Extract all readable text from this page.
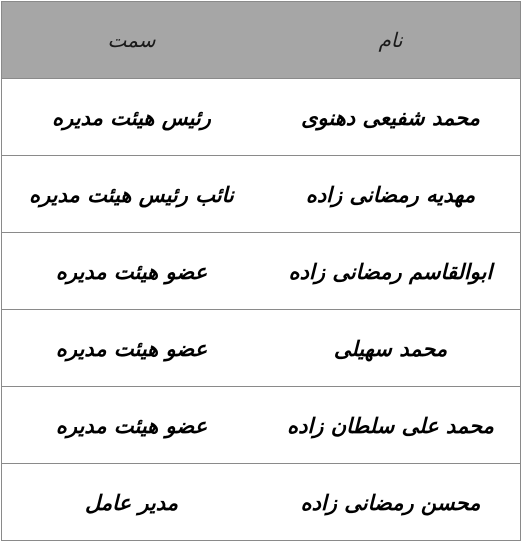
نام
سمت
محمد شفیعی دهنوی
رئیس هیئت مدیره
مهدیه رمضانی زاده
نائب رئیس هیئت مدیره
ابوالقاسم رمضانی زاده
عضو هیئت مدیره
محمد سهیلی
عضو هیئت مدیره
محمد علی سلطان زاده
عضو هیئت مدیره
محسن رمضانی زاده
مدیر عامل
